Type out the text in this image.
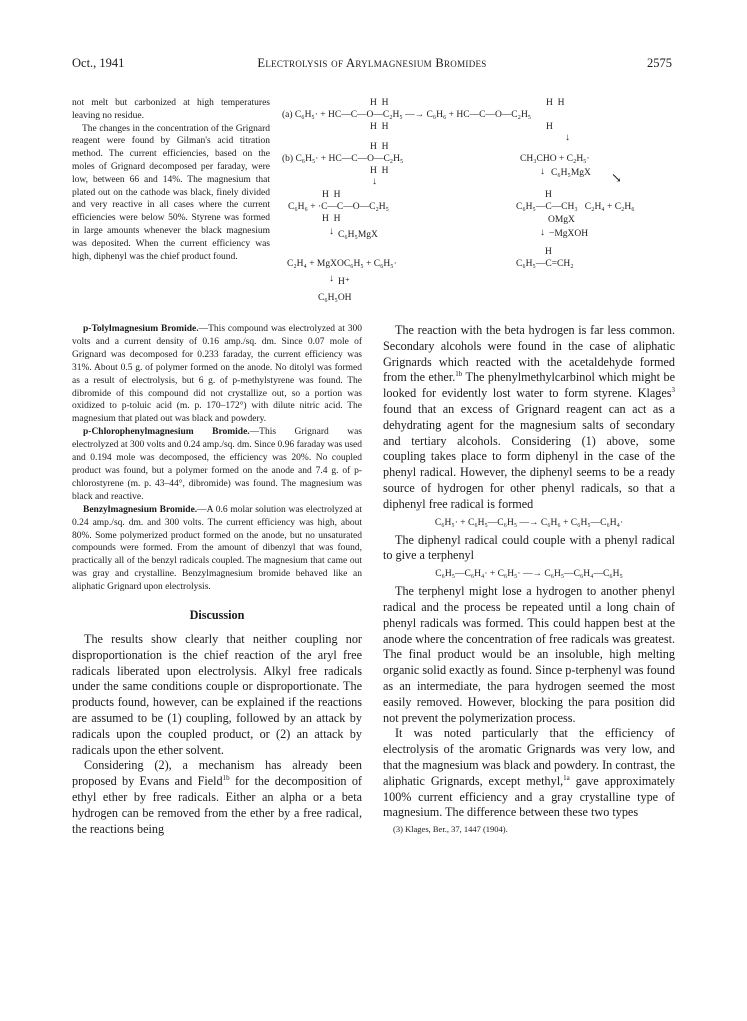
Oct., 1941	Electrolysis of Arylmagnesium Bromides	2575

not melt but carbonized at high temperatures leaving no residue.

The changes in the concentration of the Grignard reagent were found by Gilman's acid titration method. The current efficiencies, based on the moles of Grignard decomposed per faraday, were low, between 66 and 14%. The magnesium that plated out on the cathode was black, finely divided and very reactive in all cases where the current efficiencies were below 50%. Styrene was formed in large amounts whenever the black magnesium was deposited. When the current efficiency was high, diphenyl was the chief product found.

H  H
(a) C₆H₅· + HC—C—O—C₂H₅ —→ C₆H₆ + HC—C—O—C₂H₅
H  H
H  H
H
↓
H  H
(b) C₆H₅· + HC—C—O—C₂H₅
H  H
↓
CH₃CHO + C₂H₅·
↓ C₆H₅MgX ↘
H
C₆H₅—C—CH₃   C₂H₄ + C₂H₆
OMgX
↓ −MgXOH
H
C₆H₅—C=CH₂
H  H
C₆H₆ + ·C—C—O—C₂H₅
H  H
↓ C₆H₅MgX
C₂H₄ + MgXOC₆H₅ + C₆H₅·
↓ H⁺
C₆H₅OH

p-Tolylmagnesium Bromide.—This compound was electrolyzed at 300 volts and a current density of 0.16 amp./sq. dm. Since 0.07 mole of Grignard was decomposed for 0.233 faraday, the current efficiency was 31%. About 0.5 g. of polymer formed on the anode. No ditolyl was formed as a result of electrolysis, but 6 g. of p-methylstyrene was found. The dibromide of this compound did not crystallize out, so a portion was oxidized to p-toluic acid (m. p. 170–172°) with dilute nitric acid. The magnesium that plated out was black and powdery.

p-Chlorophenylmagnesium Bromide.—This Grignard was electrolyzed at 300 volts and 0.24 amp./sq. dm. Since 0.96 faraday was used and 0.194 mole was decomposed, the efficiency was 20%. No coupled product was found, but a polymer formed on the anode and 7.4 g. of p-chlorostyrene (m. p. 43–44°, dibromide) was found. The magnesium was black and reactive.

Benzylmagnesium Bromide.—A 0.6 molar solution was electrolyzed at 0.24 amp./sq. dm. and 300 volts. The current efficiency was high, about 80%. Some polymerized product formed on the anode, but no unsaturated compounds were formed. From the amount of dibenzyl that was found, practically all of the benzyl radicals coupled. The magnesium that came out was gray and crystalline. Benzylmagnesium bromide behaved like an aliphatic Grignard upon electrolysis.

Discussion

The results show clearly that neither coupling nor disproportionation is the chief reaction of the aryl free radicals liberated upon electrolysis. Alkyl free radicals under the same conditions couple or disproportionate. The products found, however, can be explained if the reactions are assumed to be (1) coupling, followed by an attack by radicals upon the coupled product, or (2) an attack by radicals upon the ether solvent.

Considering (2), a mechanism has already been proposed by Evans and Field$^{1b}$ for the decomposition of ethyl ether by free radicals. Either an alpha or a beta hydrogen can be removed from the ether by a free radical, the reactions being

The reaction with the beta hydrogen is far less common. Secondary alcohols were found in the case of aliphatic Grignards which reacted with the acetaldehyde formed from the ether.$^{1b}$ The phenylmethylcarbinol which might be looked for evidently lost water to form styrene. Klages$^3$ found that an excess of Grignard reagent can act as a dehydrating agent for the magnesium salts of secondary and tertiary alcohols. Considering (1) above, some coupling takes place to form diphenyl in the case of the phenyl radical. However, the diphenyl seems to be a ready source of hydrogen for other phenyl radicals, so that a diphenyl free radical is formed

C₆H₅· + C₆H₅—C₆H₅ —→ C₆H₆ + C₆H₅—C₆H₄·

The diphenyl radical could couple with a phenyl radical to give a terphenyl

C₆H₅—C₆H₄· + C₆H₅· —→ C₆H₅—C₆H₄—C₆H₅

The terphenyl might lose a hydrogen to another phenyl radical and the process be repeated until a long chain of phenyl radicals was formed. This could happen best at the anode where the concentration of free radicals was greatest. The final product would be an insoluble, high melting organic solid exactly as found. Since p-terphenyl was found as an intermediate, the para hydrogen seemed the most easily removed. However, blocking the para position did not prevent the polymerization process.

It was noted particularly that the efficiency of electrolysis of the aromatic Grignards was very low, and that the magnesium was black and powdery. In contrast, the aliphatic Grignards, except methyl,$^{1a}$ gave approximately 100% current efficiency and a gray crystalline type of magnesium. The difference between these two types

(3) Klages, Ber., 37, 1447 (1904).
